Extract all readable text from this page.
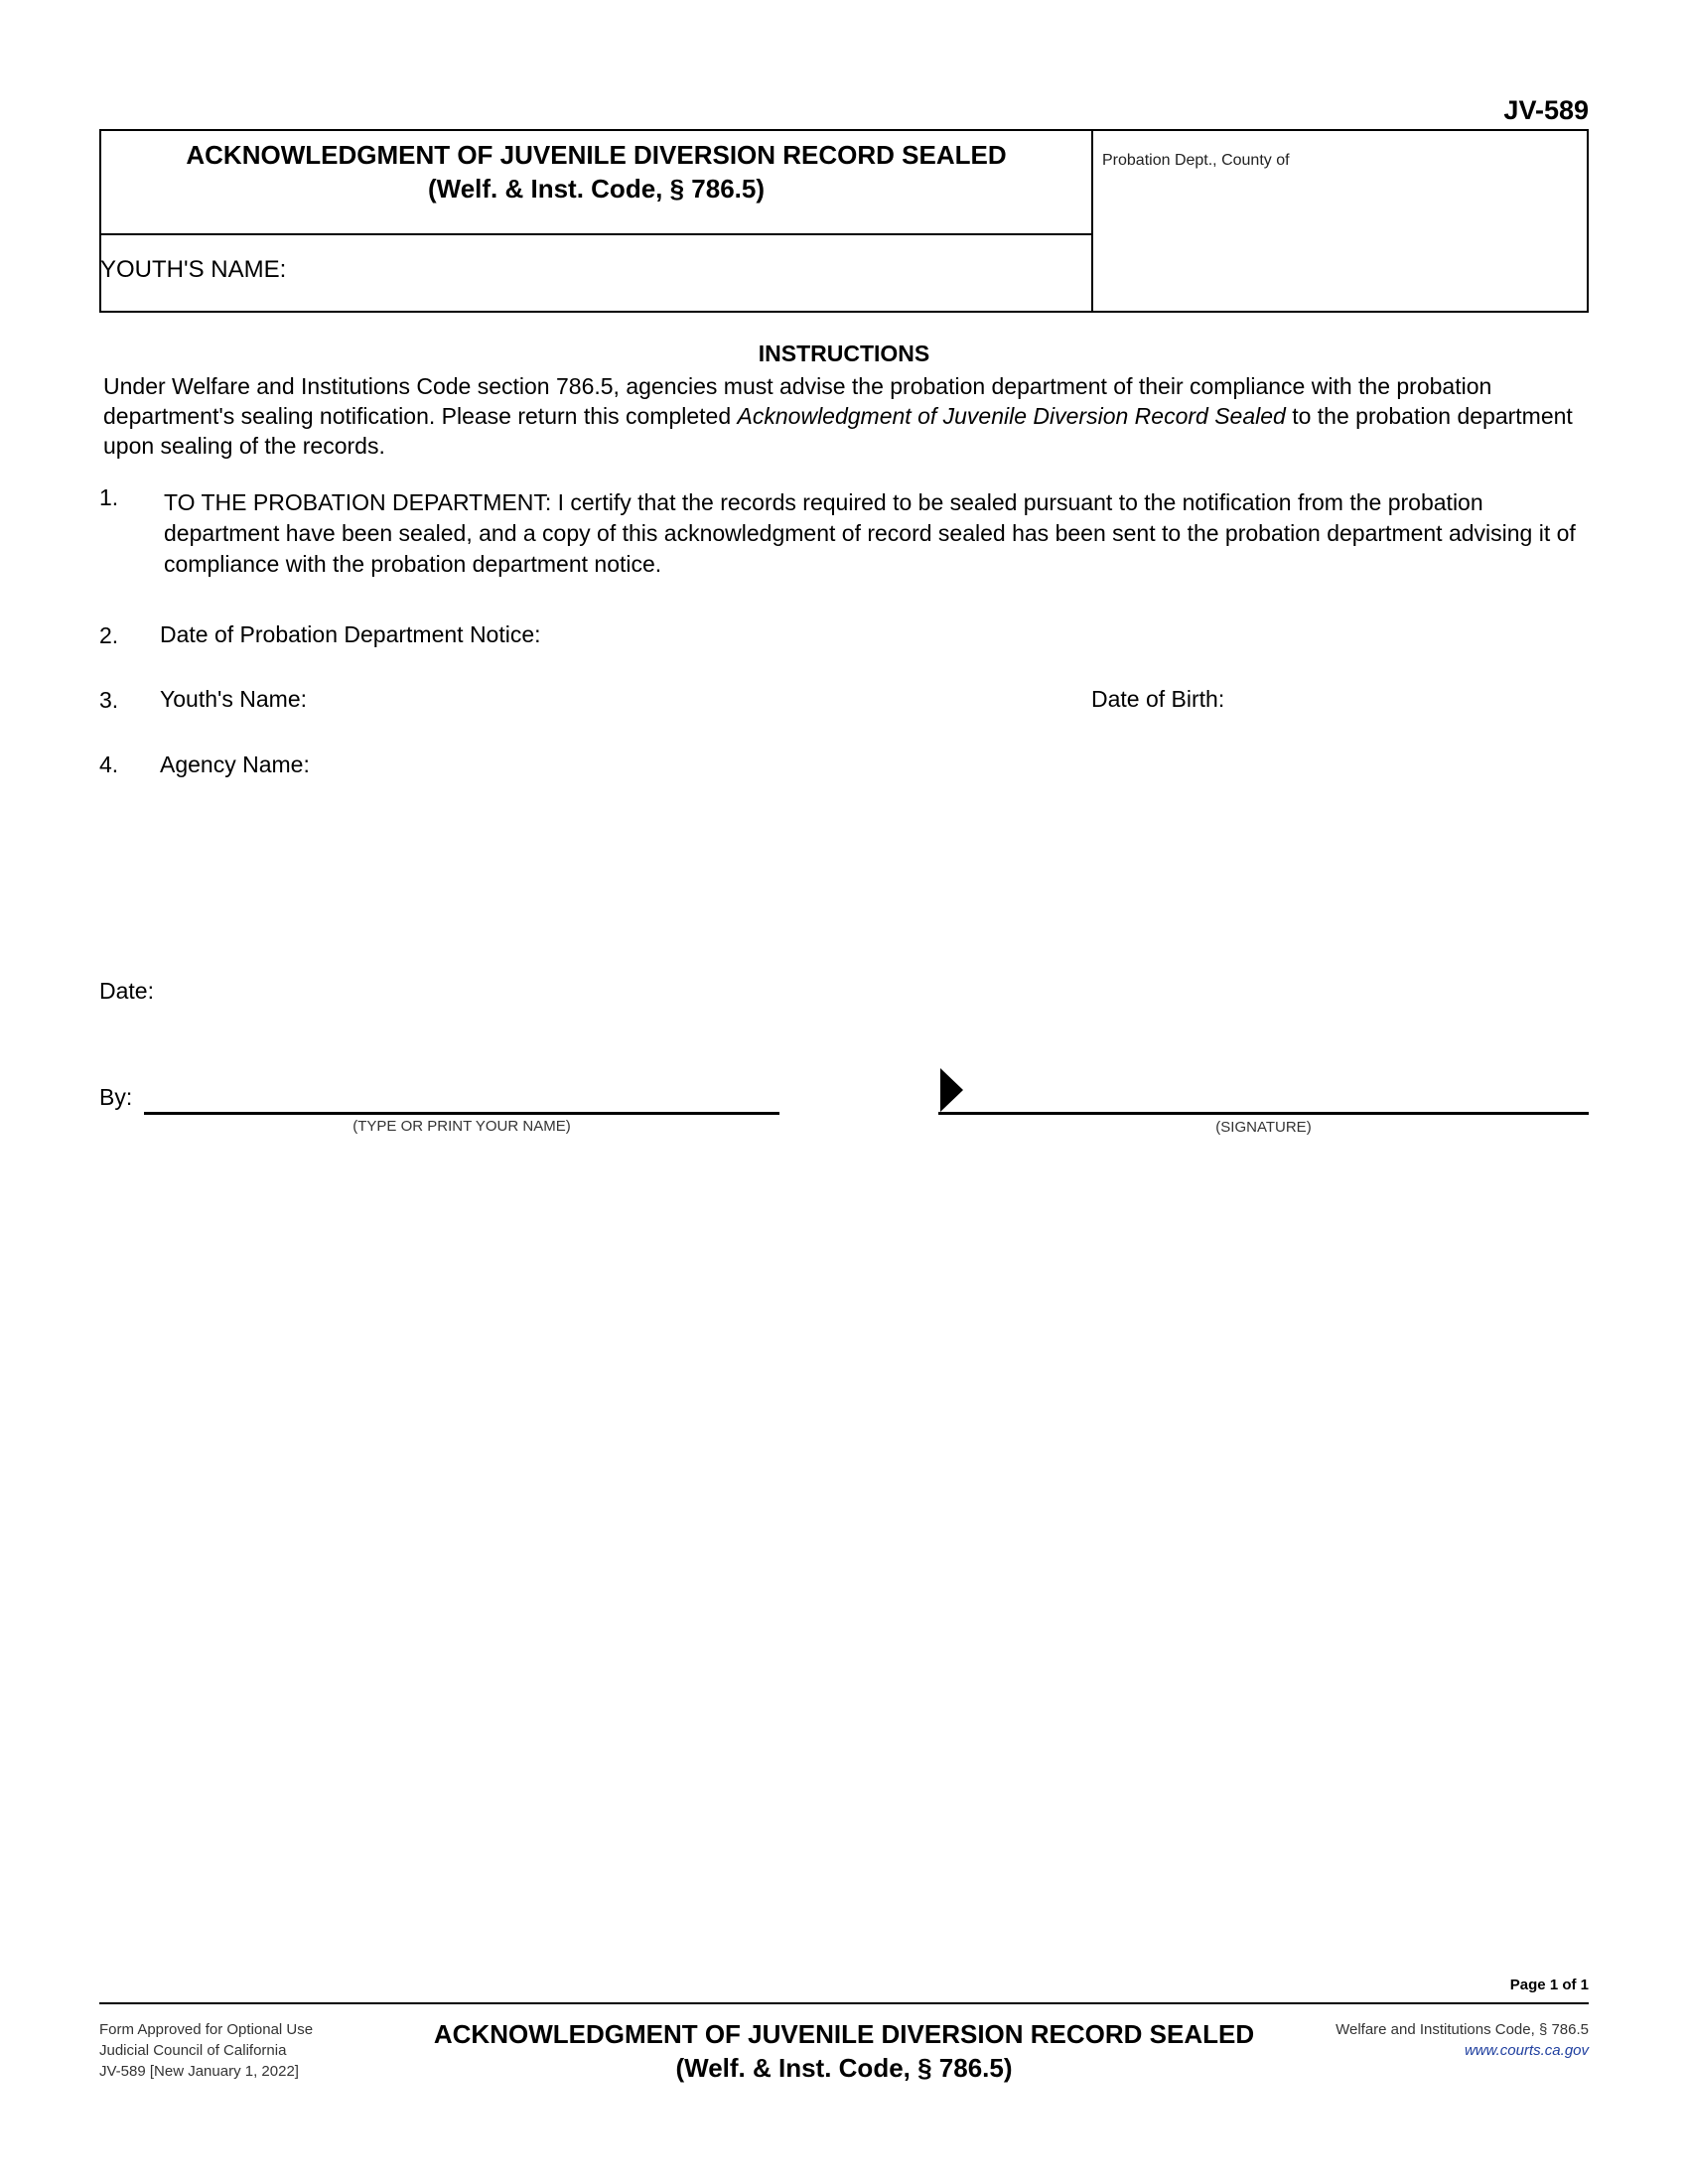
JV-589
ACKNOWLEDGMENT OF JUVENILE DIVERSION RECORD SEALED
(Welf. & Inst. Code, § 786.5)
Probation Dept., County of
YOUTH'S NAME:
INSTRUCTIONS
Under Welfare and Institutions Code section 786.5, agencies must advise the probation department of their compliance with the probation department's sealing notification. Please return this completed Acknowledgment of Juvenile Diversion Record Sealed to the probation department upon sealing of the records.
1. TO THE PROBATION DEPARTMENT: I certify that the records required to be sealed pursuant to the notification from the probation department have been sealed, and a copy of this acknowledgment of record sealed has been sent to the probation department advising it of compliance with the probation department notice.
2. Date of Probation Department Notice:
3. Youth's Name:	Date of Birth:
4. Agency Name:
Date:
By:
(TYPE OR PRINT YOUR NAME)	(SIGNATURE)
Page 1 of 1
Form Approved for Optional Use
Judicial Council of California
JV-589 [New January 1, 2022]
ACKNOWLEDGMENT OF JUVENILE DIVERSION RECORD SEALED
(Welf. & Inst. Code, § 786.5)
Welfare and Institutions Code, § 786.5
www.courts.ca.gov
